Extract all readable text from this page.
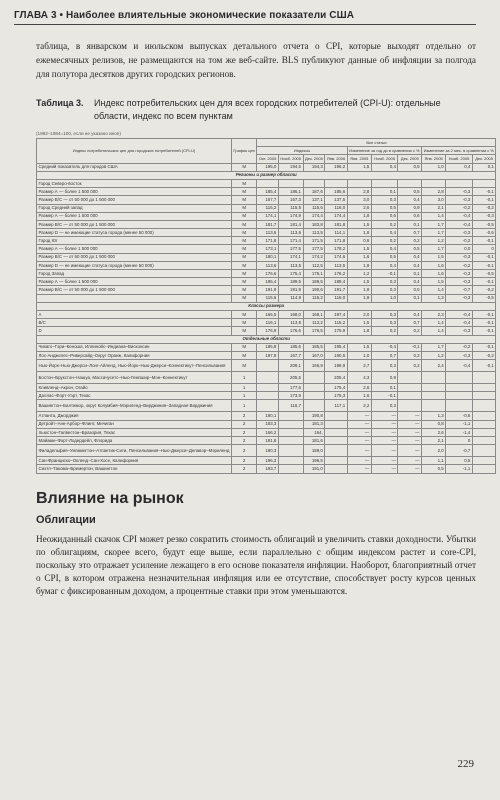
ГЛАВА 3 • Наиболее влиятельные экономические показатели США

таблица, в январском и июльском выпусках детального отчета о CPI, которые выходят отдельно от ежемесячных релизов, не размещаются на том же веб-сайте. BLS публикуют данные об инфляции за полгода для полутора десятков других городских регионов.

Таблица 3.	Индекс потребительских цен для всех городских потребителей (CPI-U): отдельные области, индекс по всем пунктам
(1982–1984=100, если не указано иное)
Индекс потребительских цен для городских потребителей (CPI-U)	График цен	Все статьи									
		Индексы				Изменение за год до в сравнении с %			Изменение за 2 мес. в сравнении с %		
		Окт. 2005	Нояб. 2005	Дек. 2005	Янв. 2006	Янв. 2005	Нояб. 2005	Дек. 2005	Янв. 2005	Нояб. 2005	Дек. 2005
Средний показатель для городов США	M	195,0	194,5	194,3	196,2	1,5	0,4	0,5	1,0	0,4	0,1
Регионы и размер области											
Город Северо-восток	M										
Размер А — более 1 500 000	M	185,4	186,1	187,6	185,6	2,8	0,1	0,5	2,8	-0,3	-0,1
Размер B/C — от 50 000 до 1 500 000	M	167,7	167,3	137,1	137,5	3,0	0,3	0,4	3,0	-0,3	-0,1
Город Средний запад	M	115,2	115,5	115,6	116,0	2,6	0,5	0,9	2,1	-0,2	-0,2
Размер А — более 1 500 000	M	174,1	174,9	174,4	174,4	1,8	0,6	0,6	1,4	-0,4	-0,3
Размер B/C — от 50 000 до 1 500 000	M	181,7	181,4	183,8	181,8	1,5	0,2	0,1	1,7	-0,4	-0,5
Размер D — не имеющие статуса города (менее 50 000)	M	113,6	113,6	113,5	114,1	1,8	0,4	0,7	1,7	-0,3	-0,6
Город Юг	M	171,8	171,4	171,5	171,8	0,6	0,2	0,2	1,2	-0,2	-0,1
Размер А — более 1 500 000	M	173,1	177,5	177,5	178,2	1,5	0,4	0,5	1,7	0,0	0
Размер B/C — от 50 000 до 1 500 000	M	180,1	174,1	174,2	174,6	1,6	0,5	0,4	1,5	-0,3	-0,1
Размер D — не имеющие статуса города (менее 50 000)	M	113,6	113,5	112,5	113,5	1,9	0,4	0,4	1,6	-0,2	-0,1
Город Запад	M	176,6	175,4	175,1	176,2	1,2	-0,1	0,1	1,6	-0,3	-0,5
Размер А — более 1 500 000	M	185,4	189,5	189,5	189,4	1,5	0,3	0,4	1,5	-0,3	-0,1
Размер B/C — от 50 000 до 1 500 000	M	191,9	191,9	190,6	191,7	1,9	0,3	0,5	1,4	-0,7	-0,2
	M	115,6	114,9	115,2	116,0	1,9	1,0	0,1	1,3	-0,3	-0,5
Классы размера											
A	M	165,5	168,0	168,1	197,4	2,0	0,3	0,4	2,3	-0,4	-0,1
B/C	M	116,1	113,9	113,2	115,2	1,5	0,3	0,7	1,4	-0,4	-0,1
D	M	176,9	176,6	176,5	175,9	1,8	0,2	0,2	1,4	-0,3	-0,1
Отдельные области											
Чикаго–Гэри–Кеноша, Иллинойс–Индиана–Висконсин	M	185,8	185,6	185,5	195,4	1,5	-0,4	-0,1	1,7	-0,2	-0,1
Лос-Анджелес–Риверсайд–Округ Оранж, Калифорния	M	187,8	167,7	167,0	190,5	1,0	0,7	0,3	1,2	-0,3	-0,2
Нью-Йорк–Нью-Джерси–Лонг-Айленд, Нью-Йорк–Нью-Джерси–Коннектикут–Пенсильвания	M		209,1	166,9	199,9	2,7	0,3	0,2	2,4	-0,4	-0,1
Бостон–Брукстон–Нашуа, Массачусетс–Нью-Гемпшир–Мэн–Коннектикут	1		205,5		205,4	4,3	0,9				
Кливленд–Акрон, Огайо	1		177,6		175,4	2,6	0,1				
Даллас–Форт-Уэрт, Техас	1		173,9		175,3	1,6	-0,1				
Вашингтон–Балтимор, округ Колумбия–Мэриленд–Вирджиния–Западная Вирджиния	1		116,7		117,1	2,2	0,3				
Атланта, Джорджия	2	190,1		190,8		—	—	—	1,3	-0,6	
Детройт–Анн-Арбор–Флинт, Мичиган	2	183,3		181,3		—	—	—	0,8	-1,1	
Хьюстон–Галвестон–Бразория, Техас	2	166,2		164,		—	—	—	2,6	-1,4	
Майами–Форт-Лодердейл, Флорида	2	181,8		181,6		—	—	—	2,1	0	
Филадельфия–Уилмингтон–Атлантик-Сити, Пенсильвания–Нью-Джерси–Делавэр–Мэриленд	2	190,3		189,0		—	—	—	2,0	-0,7	
Сан-Франциско–Окленд–Сан-Хосе, Калифорния	2	196,3		196,5		—	—	—	1,1	0,5	
Сиэтл–Такома–Бремертон, Вашингтон	2	193,7		191,0		—	—	—	0,5	-1,1	
Влияние на рынок
Облигации

Неожиданный скачок CPI может резко сократить стоимость облигаций и увеличить ставки доходности. Убытки по облигациям, скорее всего, будут еще выше, если параллельно с общим индексом растет и core-CPI, поскольку это отражает усиление лежащего в его основе показателя инфляции. Наоборот, благоприятный отчет о CPI, в котором отражена незначительная инфляция или ее отсутствие, способствует росту курсов ценных бумаг с фиксированным доходом, а процентные ставки при этом уменьшаются.

229
